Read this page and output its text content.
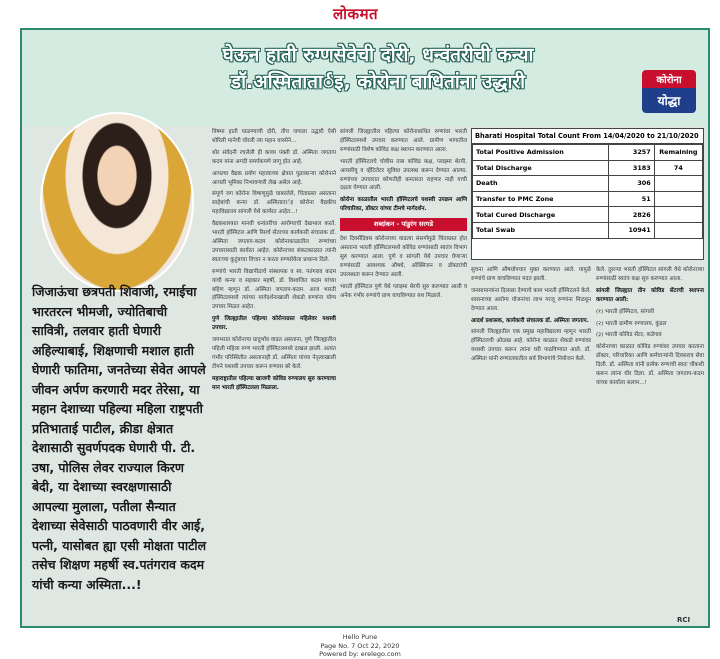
लोकमत
घेऊन हाती रुग्णसेवेची दोरी, धन्वंतरीची कन्या
डॉ.अस्मितातार्इ, कोरोना बाधितांना उद्धारी	कोरोना
योद्धा
जिजाऊंचा छत्रपती शिवाजी, रमाईचा भारतरत्न भीमजी, ज्योतिबाची सावित्री, तलवार हाती घेणारी अहिल्याबाई, शिक्षणाची मशाल हाती घेणारी फातिमा, जनतेच्या सेवेत आपले जीवन अर्पण करणारी मदर तेरेसा, या महान देशाच्या पहिल्या महिला राष्ट्रपती प्रतिभाताई पाटील, क्रीडा क्षेत्रात देशासाठी सुवर्णपदक घेणारी पी. टी. उषा, पोलिस लेवर राज्याल किरण बेदी, या देशाच्या स्वरक्षणासाठी आपल्या मुलाला, पतीला सैन्यात देशाच्या सेवेसाठी पाठवणारी वीर आई, पत्नी, यासोबत ह्या एसी मोक्षता पाटील तसेच शिक्षण महर्षी स्व.पतंगराव कदम यांची कन्या अस्मिता...!

विषमा हाती पाळण्याची दोरी, तीच जगाला उद्धारी ऐसी थोरिली मानेची घोरली त्या महान वारसेने...

थोर संवेदनी रचलेली ही काव्य पंक्ती डॉ. अस्मिता जगताप कदम यांना अगदी समर्पकपणे लागू होत आहे.

आपल्या वैद्यक प्रयोग महत्त्वाच्या क्षेत्रात पुढाकाऱ्या कोरोनाने आपली भूमिका निभावणारी लेख असेल आहे.

संपूर्ण जग कोरोना विषाणूमुळे घाबरलेले, चिंताग्रस्त असताना साहेबांची कन्या डॉ. अस्मितातार्इ कोरोना वैद्यकीय महाविद्यालय सांगली येथे कार्यरत आहेत...!

वैद्यकशास्त्रात मानवी धन्वंतरींचा आरोग्याची देखभाल करते. भारती हॉस्पिटल आणि रिसर्च सेंटरच्या कार्यकारी संचालक डॉ. अस्मिता जगताप-कदम कोरोनाकाळातील रुग्णांच्या उपचारासाठी कार्यरत आहेत. कोरोनाच्या संकटकाळात त्यांनी स्वतःच्या कुटुंबाचा विचार न करता रुग्णसेवेला प्राधान्य दिले.

रुग्णांचे भारती विद्यापीठाचे संस्थापक व स्व. पतंगराव कदम यांची कन्या व सहकार महर्षी, डॉ. विश्वजित कदम यांच्या बहिण म्हणून डॉ. अस्मिता जगताप-कदम. आज भारती हॉस्पिटलमध्ये त्यांच्या मार्गदर्शनाखाली शेकडो रुग्णांना योग्य उपचार मिळत आहेत.

पुणे जिल्ह्यातील पहिल्या कोरोनाग्रस्त महिलेवर यशस्वी उपचार.

जगभरात कोरोनाचा प्रादुर्भाव वाढत असताना, पुणे जिल्ह्यातील पहिली महिला रुग्ण भारती हॉस्पिटलमध्ये दाखल झाली. अत्यंत गंभीर परिस्थितीत असतानाही डॉ. अस्मिता यांच्या नेतृत्वाखाली टीमने यशस्वी उपचार करून रुग्णास बरे केले.

महाराष्ट्रातील पहिल्या खाजगी कोविड रुग्णालय सुरु करण्याचा मान भारती हॉस्पिटलला मिळाला.

सांगली जिल्ह्यातील पहिल्या कोरोनाबाधित रुग्णांवर भारती हॉस्पिटलमध्ये उपचार करण्यात आले. ग्रामीण भागातील रुग्णांसाठी विशेष कोविड कक्ष स्थापन करण्यात आला.

भारती हॉस्पिटलचे चोवीस तास कोविड कक्ष, प्लाझ्मा थेरपी, आयसीयू व व्हेंटिलेटर सुविधा उपलब्ध करून देण्यात आल्या. रुग्णांच्या उपचारात कोणतीही कमतरता राहणार नाही याची दक्षता घेण्यात आली.

कोरोना काळातील भारती हॉस्पिटलचे यशस्वी उपक्रम आणि परिचारिका, डॉक्टर यांच्या टीमचे मार्गदर्शन.

शब्दांकन - पांडुरंग सरगडे

देश दिवसेंदिवस कोरोनाच्या वाढत्या संसर्गामुळे चिंताग्रस्त होत असताना भारती हॉस्पिटलमध्ये कोविड रुग्णांसाठी स्वतंत्र विभाग सुरु करण्यात आला. पुणे व सांगली येथे उपचार घेणाऱ्या रुग्णांसाठी आवश्यक औषधे, ऑक्सिजन व डॉक्टरांची उपलब्धता करून देण्यात आली.

भारती हॉस्पिटल पुणे येथे प्लाझ्मा थेरपी सुरु करण्यात आली व अनेक गंभीर रुग्णांचे प्राण वाचविण्यात यश मिळाले.

Bharati Hospital Total Count From 14/04/2020 to 21/10/2020
Total Positive Admission	3257	Remaining
Total Discharge	3183	74
Death	306	
Transfer to PMC Zone	51	
Total Cured Discharge	2826	
Total Swab	10941	

सुचना आणि औषधोपचार मुक्त करण्यात आले. यामुळे रुग्णांचे प्राण वाचविण्यात मदत झाली.

जनसामान्यांना दिलासा देण्याचे काम भारती हॉस्पिटलने केले. शासनाच्या आरोग्य योजनांचा लाभ गरजू रुग्णांना मिळवून देण्यात आला.

आदर्श प्रशासक, कार्यकारी संचालक डॉ. अस्मिता जगताप.

सांगली जिल्ह्यातील एक प्रमुख महाविद्यालय म्हणून भारती हॉस्पिटलची ओळख आहे. कोरोना काळात शेकडो रुग्णांवर यशस्वी उपचार करून त्यांना घरी पाठविण्यात आले. डॉ. अस्मिता यांनी रुग्णालयातील सर्व विभागांचे नियोजन केले.

केले. दुसऱ्या भारती हॉस्पिटल सांगली येथे कोरोनाच्या रुग्णांसाठी स्वतंत्र कक्ष सुरु करण्यात आला.

सांगली जिल्ह्यात तीन कोविड सेंटरची स्थापना करण्यात आली:

(१) भारती हॉस्पिटल, सांगली

(२) भारती ग्रामीण रुग्णालय, कुंडल

(३) भारती कोविड सेंटर, कडेगाव

कोरोनाच्या काळात कोविड रुग्णांवर उपचार करताना डॉक्टर, परिचारिका आणि कर्मचाऱ्यांनी दिवसरात्र सेवा दिली. डॉ. अस्मिता यांनी प्रत्येक रुग्णाची स्वतः चौकशी करून त्यांना धीर दिला. डॉ. अस्मिता जगताप-कदम यांच्या कार्याला सलाम...!

RCI
Hello Pune
Page No. 7 Oct 22, 2020
Powered by: erelego.com
